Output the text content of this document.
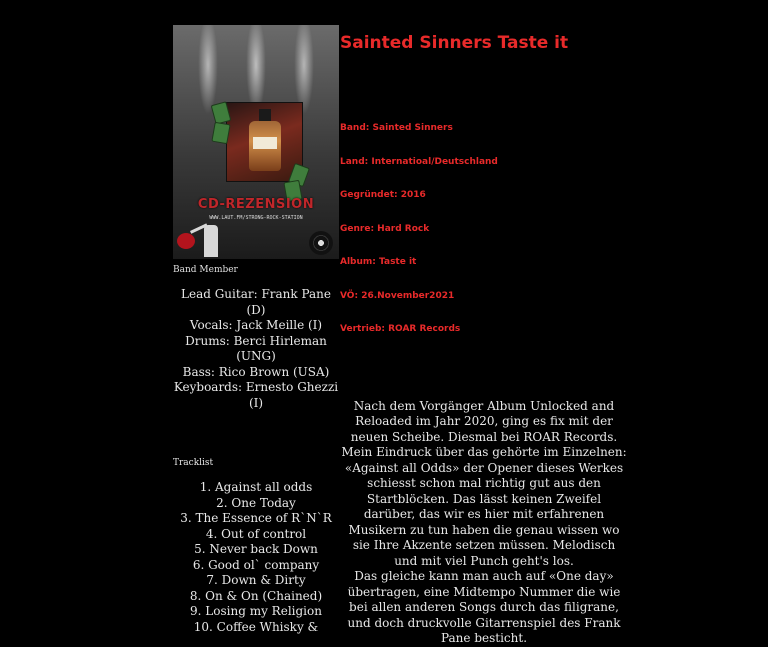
CD-REZENSION
WWW.LAUT.FM/STRONG-ROCK-STATION
Band Member
Lead Guitar: Frank Pane (D)
Vocals: Jack Meille (I)
Drums: Berci Hirleman (UNG)
Bass: Rico Brown (USA)
Keyboards: Ernesto Ghezzi (I)
Tracklist
1. Against all odds
2. One Today
3. The Essence of R`N`R
4. Out of control
5. Never back Down
6. Good ol` company
7. Down & Dirty
8. On & On (Chained)
9. Losing my Religion
10. Coffee Whisky &
Sainted Sinners Taste it
Band: Sainted Sinners
Land: Internatioal/Deutschland
Gegründet: 2016
Genre: Hard Rock
Album: Taste it
VÖ: 26.November2021
Vertrieb: ROAR Records

Nach dem Vorgänger Album Unlocked and Reloaded im Jahr 2020, ging es fix mit der neuen Scheibe. Diesmal bei ROAR Records. Mein Eindruck über das gehörte im Einzelnen:

«Against all Odds» der Opener dieses Werkes schiesst schon mal richtig gut aus den Startblöcken. Das lässt keinen Zweifel darüber, das wir es hier mit erfahrenen Musikern zu tun haben die genau wissen wo sie Ihre Akzente setzen müssen. Melodisch und mit viel Punch geht's los.

Das gleiche kann man auch auf «One day» übertragen, eine Midtempo Nummer die wie bei allen anderen Songs durch das filigrane, und doch druckvolle Gitarrenspiel des Frank Pane besticht.
